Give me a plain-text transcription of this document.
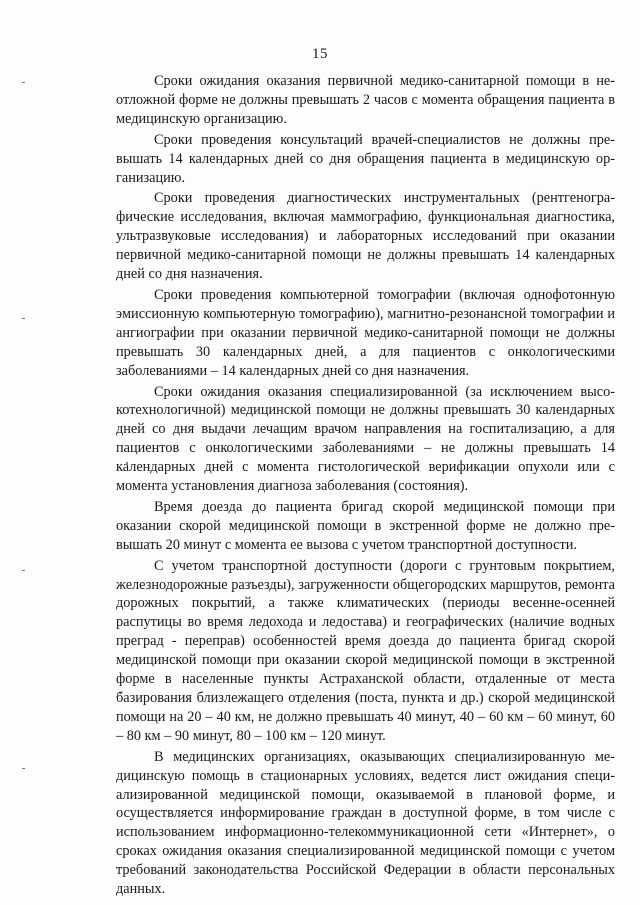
15

Сроки ожидания оказания первичной медико-санитарной помощи в неотложной форме не должны превышать 2 часов с момента обращения пациента в медицинскую организацию.

Сроки проведения консультаций врачей-специалистов не должны превышать 14 календарных дней со дня обращения пациента в медицинскую организацию.

Сроки проведения диагностических инструментальных (рентгенографические исследования, включая маммографию, функциональная диагностика, ультразвуковые исследования) и лабораторных исследований при оказании первичной медико-санитарной помощи не должны превышать 14 календарных дней со дня назначения.

Сроки проведения компьютерной томографии (включая однофотонную эмиссионную компьютерную томографию), магнитно-резонансной томографии и ангиографии при оказании первичной медико-санитарной помощи не должны превышать 30 календарных дней, а для пациентов с онкологическими заболеваниями – 14 календарных дней со дня назначения.

Сроки ожидания оказания специализированной (за исключением высокотехнологичной) медицинской помощи не должны превышать 30 календарных дней со дня выдачи лечащим врачом направления на госпитализацию, а для пациентов с онкологическими заболеваниями – не должны превышать 14 календарных дней с момента гистологической верификации опухоли или с момента установления диагноза заболевания (состояния).

Время доезда до пациента бригад скорой медицинской помощи при оказании скорой медицинской помощи в экстренной форме не должно превышать 20 минут с момента ее вызова с учетом транспортной доступности.

С учетом транспортной доступности (дороги с грунтовым покрытием, железнодорожные разъезды), загруженности общегородских маршрутов, ремонта дорожных покрытий, а также климатических (периоды весенне-осенней распутицы во время ледохода и ледостава) и географических (наличие водных преград - переправ) особенностей время доезда до пациента бригад скорой медицинской помощи при оказании скорой медицинской помощи в экстренной форме в населенные пункты Астраханской области, отдаленные от места базирования близлежащего отделения (поста, пункта и др.) скорой медицинской помощи на 20 – 40 км, не должно превышать 40 минут, 40 – 60 км – 60 минут, 60 – 80 км – 90 минут, 80 – 100 км – 120 минут.

В медицинских организациях, оказывающих специализированную медицинскую помощь в стационарных условиях, ведется лист ожидания специализированной медицинской помощи, оказываемой в плановой форме, и осуществляется информирование граждан в доступной форме, в том числе с использованием информационно-телекоммуникационной сети «Интернет», о сроках ожидания оказания специализированной медицинской помощи с учетом требований законодательства Российской Федерации в области персональных данных.
